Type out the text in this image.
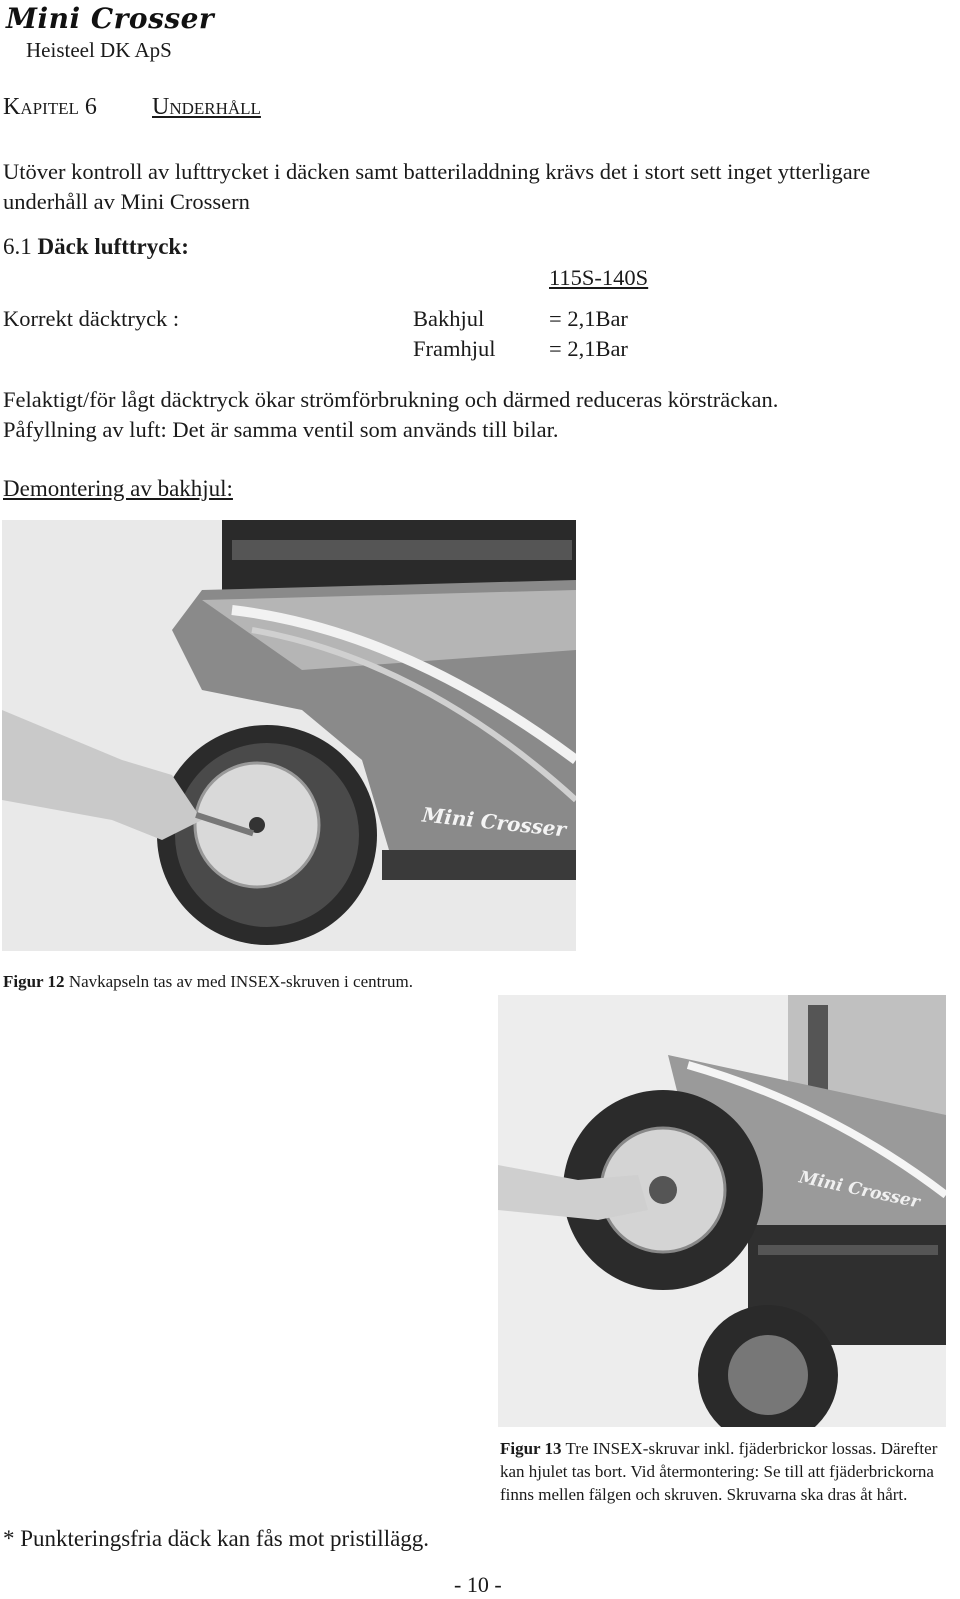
Mini Crosser
Heisteel DK ApS
Kapitel 6 Underhåll
Utöver kontroll av lufttrycket i däcken samt batteriladdning krävs det i stort sett inget ytterligare underhåll av Mini Crossern
6.1 Däck lufttryck:
115S-140S
Korrekt däcktryck :	Bakhjul	= 2,1Bar
Framhjul = 2,1Bar
Felaktigt/för lågt däcktryck ökar strömförbrukning och därmed reduceras körsträckan.
Påfyllning av luft: Det är samma ventil som används till bilar.
Demontering av bakhjul:
Mini Crosser
Figur 12 Navkapseln tas av med INSEX-skruven i centrum.
Mini Crosser
Figur 13 Tre INSEX-skruvar inkl. fjäderbrickor lossas. Därefter kan hjulet tas bort. Vid återmontering: Se till att fjäderbrickorna finns mellen fälgen och skruven. Skruvarna ska dras åt hårt.
* Punkteringsfria däck kan fås mot pristillägg.
- 10 -
